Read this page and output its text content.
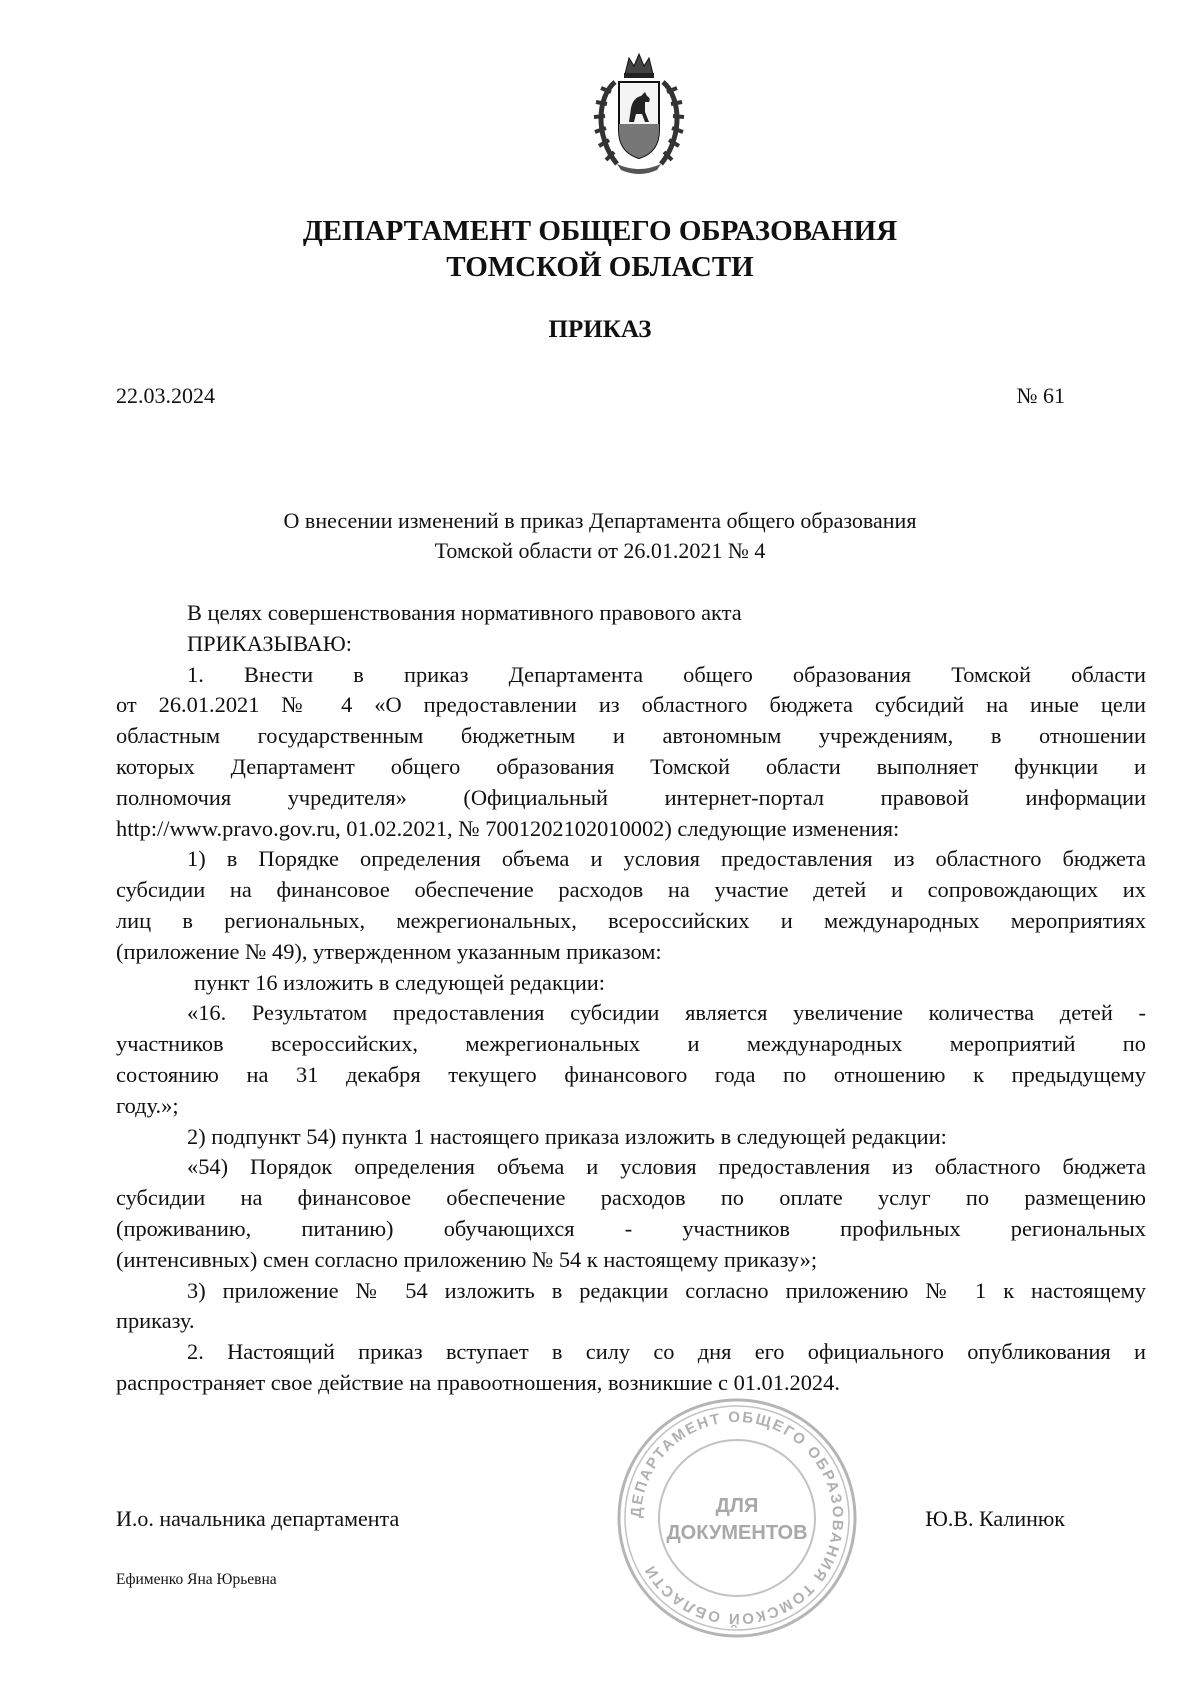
ДЕПАРТАМЕНТ ОБЩЕГО ОБРАЗОВАНИЯ
ТОМСКОЙ ОБЛАСТИ
ПРИКАЗ
22.03.2024	№ 61
О внесении изменений в приказ Департамента общего образования
Томской области от 26.01.2021 № 4

В целях совершенствования нормативного правового акта

ПРИКАЗЫВАЮ:

1. Внести в приказ Департамента общего образования Томской области

от 26.01.2021 № 4 «О предоставлении из областного бюджета субсидий на иные цели

областным государственным бюджетным и автономным учреждениям, в отношении

которых Департамент общего образования Томской области выполняет функции и

полномочия учредителя» (Официальный интернет-портал правовой информации

http://www.pravo.gov.ru, 01.02.2021, № 7001202102010002) следующие изменения:

1) в Порядке определения объема и условия предоставления из областного бюджета

субсидии на финансовое обеспечение расходов на участие детей и сопровождающих их

лиц в региональных, межрегиональных, всероссийских и международных мероприятиях

(приложение № 49), утвержденном указанным приказом:

пункт 16 изложить в следующей редакции:

«16. Результатом предоставления субсидии является увеличение количества детей -

участников всероссийских, межрегиональных и международных мероприятий по

состоянию на 31 декабря текущего финансового года по отношению к предыдущему

году.»;

2) подпункт 54) пункта 1 настоящего приказа изложить в следующей редакции:

«54) Порядок определения объема и условия предоставления из областного бюджета

субсидии на финансовое обеспечение расходов по оплате услуг по размещению

(проживанию, питанию) обучающихся - участников профильных региональных

(интенсивных) смен согласно приложению № 54 к настоящему приказу»;

3) приложение № 54 изложить в редакции согласно приложению № 1 к настоящему

приказу.

2. Настоящий приказ вступает в силу со дня его официального опубликования и

распространяет свое действие на правоотношения, возникшие с 01.01.2024.

ДЕПАРТАМЕНТ ОБЩЕГО ОБРАЗОВАНИЯ ТОМСКОЙ ОБЛАСТИ
ДЛЯ
ДОКУМЕНТОВ
И.о. начальника департамента	Ю.В. Калинюк
Ефименко Яна Юрьевна
